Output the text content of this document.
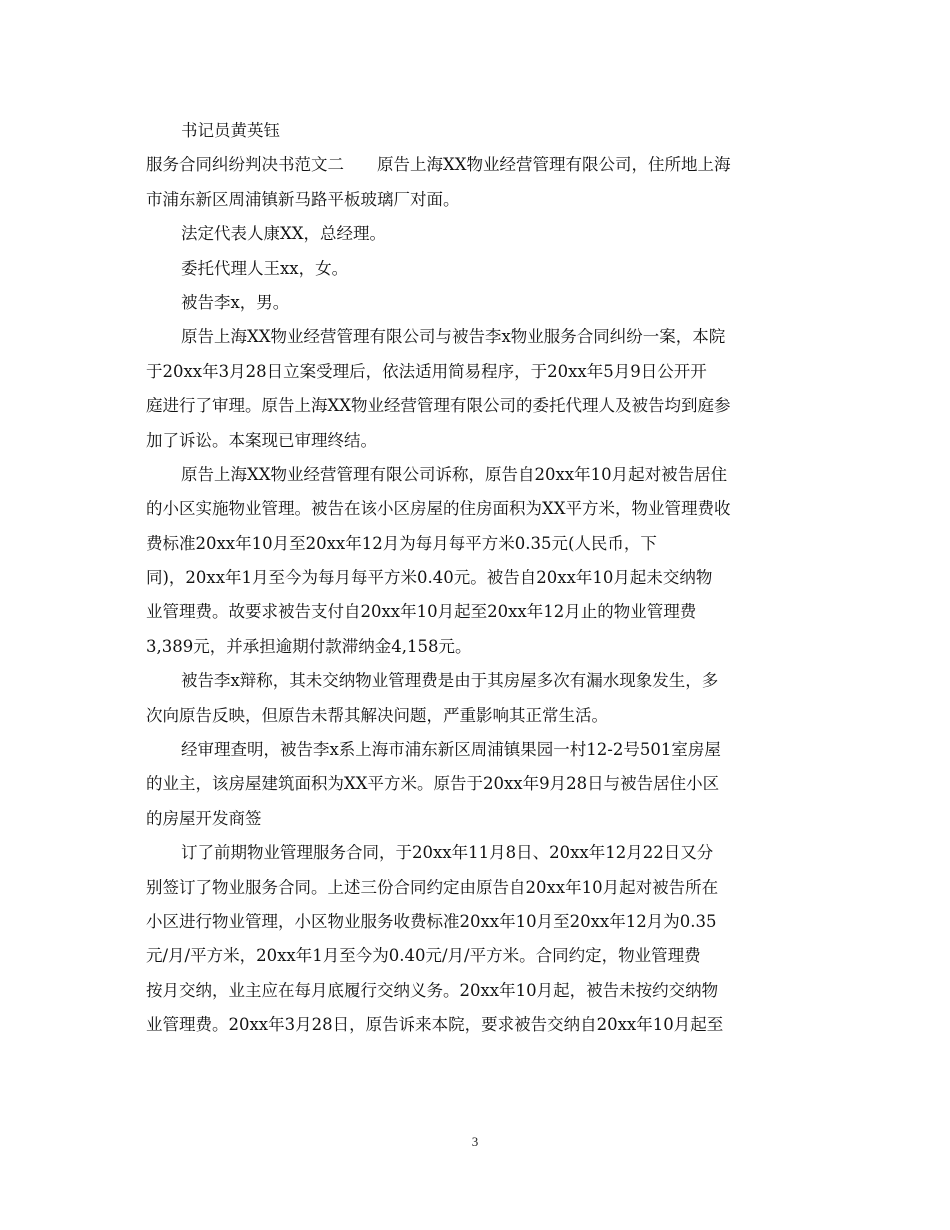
书记员黄英钰
服务合同纠纷判决书范文二　　原告上海XX物业经营管理有限公司，住所地上海
市浦东新区周浦镇新马路平板玻璃厂对面。
法定代表人康XX，总经理。
委托代理人王xx，女。
被告李x，男。
原告上海XX物业经营管理有限公司与被告李x物业服务合同纠纷一案，本院
于20xx年3月28日立案受理后，依法适用简易程序，于20xx年5月9日公开开
庭进行了审理。原告上海XX物业经营管理有限公司的委托代理人及被告均到庭参
加了诉讼。本案现已审理终结。
原告上海XX物业经营管理有限公司诉称，原告自20xx年10月起对被告居住
的小区实施物业管理。被告在该小区房屋的住房面积为XX平方米，物业管理费收
费标准20xx年10月至20xx年12月为每月每平方米0.35元(人民币，下
同)，20xx年1月至今为每月每平方米0.40元。被告自20xx年10月起未交纳物
业管理费。故要求被告支付自20xx年10月起至20xx年12月止的物业管理费
3,389元，并承担逾期付款滞纳金4,158元。
被告李x辩称，其未交纳物业管理费是由于其房屋多次有漏水现象发生，多
次向原告反映，但原告未帮其解决问题，严重影响其正常生活。
经审理查明，被告李x系上海市浦东新区周浦镇果园一村12-2号501室房屋
的业主，该房屋建筑面积为XX平方米。原告于20xx年9月28日与被告居住小区
的房屋开发商签
订了前期物业管理服务合同，于20xx年11月8日、20xx年12月22日又分
别签订了物业服务合同。上述三份合同约定由原告自20xx年10月起对被告所在
小区进行物业管理，小区物业服务收费标准20xx年10月至20xx年12月为0.35
元/月/平方米，20xx年1月至今为0.40元/月/平方米。合同约定，物业管理费
按月交纳，业主应在每月底履行交纳义务。20xx年10月起，被告未按约交纳物
业管理费。20xx年3月28日，原告诉来本院，要求被告交纳自20xx年10月起至
3
